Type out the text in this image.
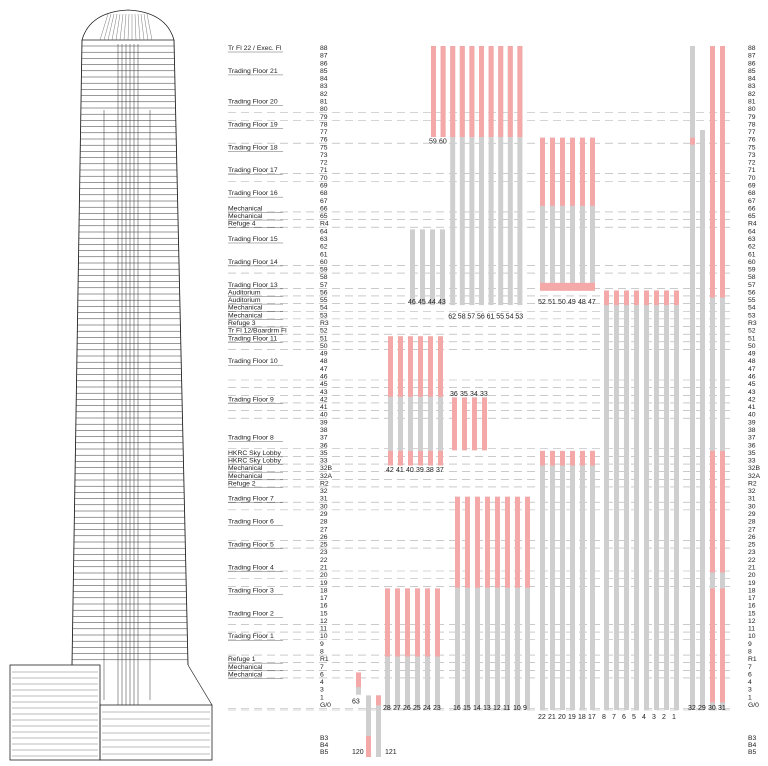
88	88
87	87
86	86
85	85
84	84
83	83
82	82
81	81
80	80
79	79
78	78
77	77
76	76
75	75
73	73
72	72
71	71
70	70
69	69
68	68
67	67
66	66
65	65
R4	R4
64	64
63	63
62	62
61	61
60	60
59	59
58	58
57	57
56	56
55	55
54	54
53	53
R3	R3
52	52
51	51
50	50
49	49
48	48
47	47
46	46
45	45
43	43
42	42
41	41
40	40
39	39
38	38
37	37
36	36
35	35
33	33
32B	32B
32A	32A
R2	R2
32	32
31	31
30	30
29	29
28	28
27	27
26	26
25	25
23	23
22	22
21	21
20	20
19	19
18	18
17	17
16	16
15	15
12	12
11	11
10	10
9	9
8	8
R1	R1
7	7
6	6
4	4
3	3
1	1
G/0	G/0
B3	B3
B4	B4
B5	B5
Tr Fl 22 / Exec. Fl
Trading Floor 21
Trading Floor 20
Trading Floor 19
Trading Floor 18
Trading Floor 17
Trading Floor 16
Mechanical
Mechanical
Refuge 4
Trading Floor 15
Trading Floor 14
Trading Floor 13
Auditorium
Auditorium
Mechanical
Mechanical
Refuge 3
Tr Fl 12/Boardrm Fl
Trading Floor 11
Trading Floor 10
Trading Floor 9
Trading Floor 8
HKRC Sky Lobby
HKRC Sky Lobby
Mechanical
Mechanical
Refuge 2
Trading Floor 7
Trading Floor 6
Trading Floor 5
Trading Floor 4
Trading Floor 3
Trading Floor 2
Trading Floor 1
Refuge 1
Mechanical
Mechanical
59 60
62 58 57 56 61 55 54 53
46 45 44 43	52 51 50 49 48 47
42 41 40 39 38 37
36 35 34 33
28 27 26 25 24 23 16 15 14 13 12 11 10 9
22 21 20 19 18 17 8 7 6 5 4 3 2 1
32 29 30 31
63
120	121
